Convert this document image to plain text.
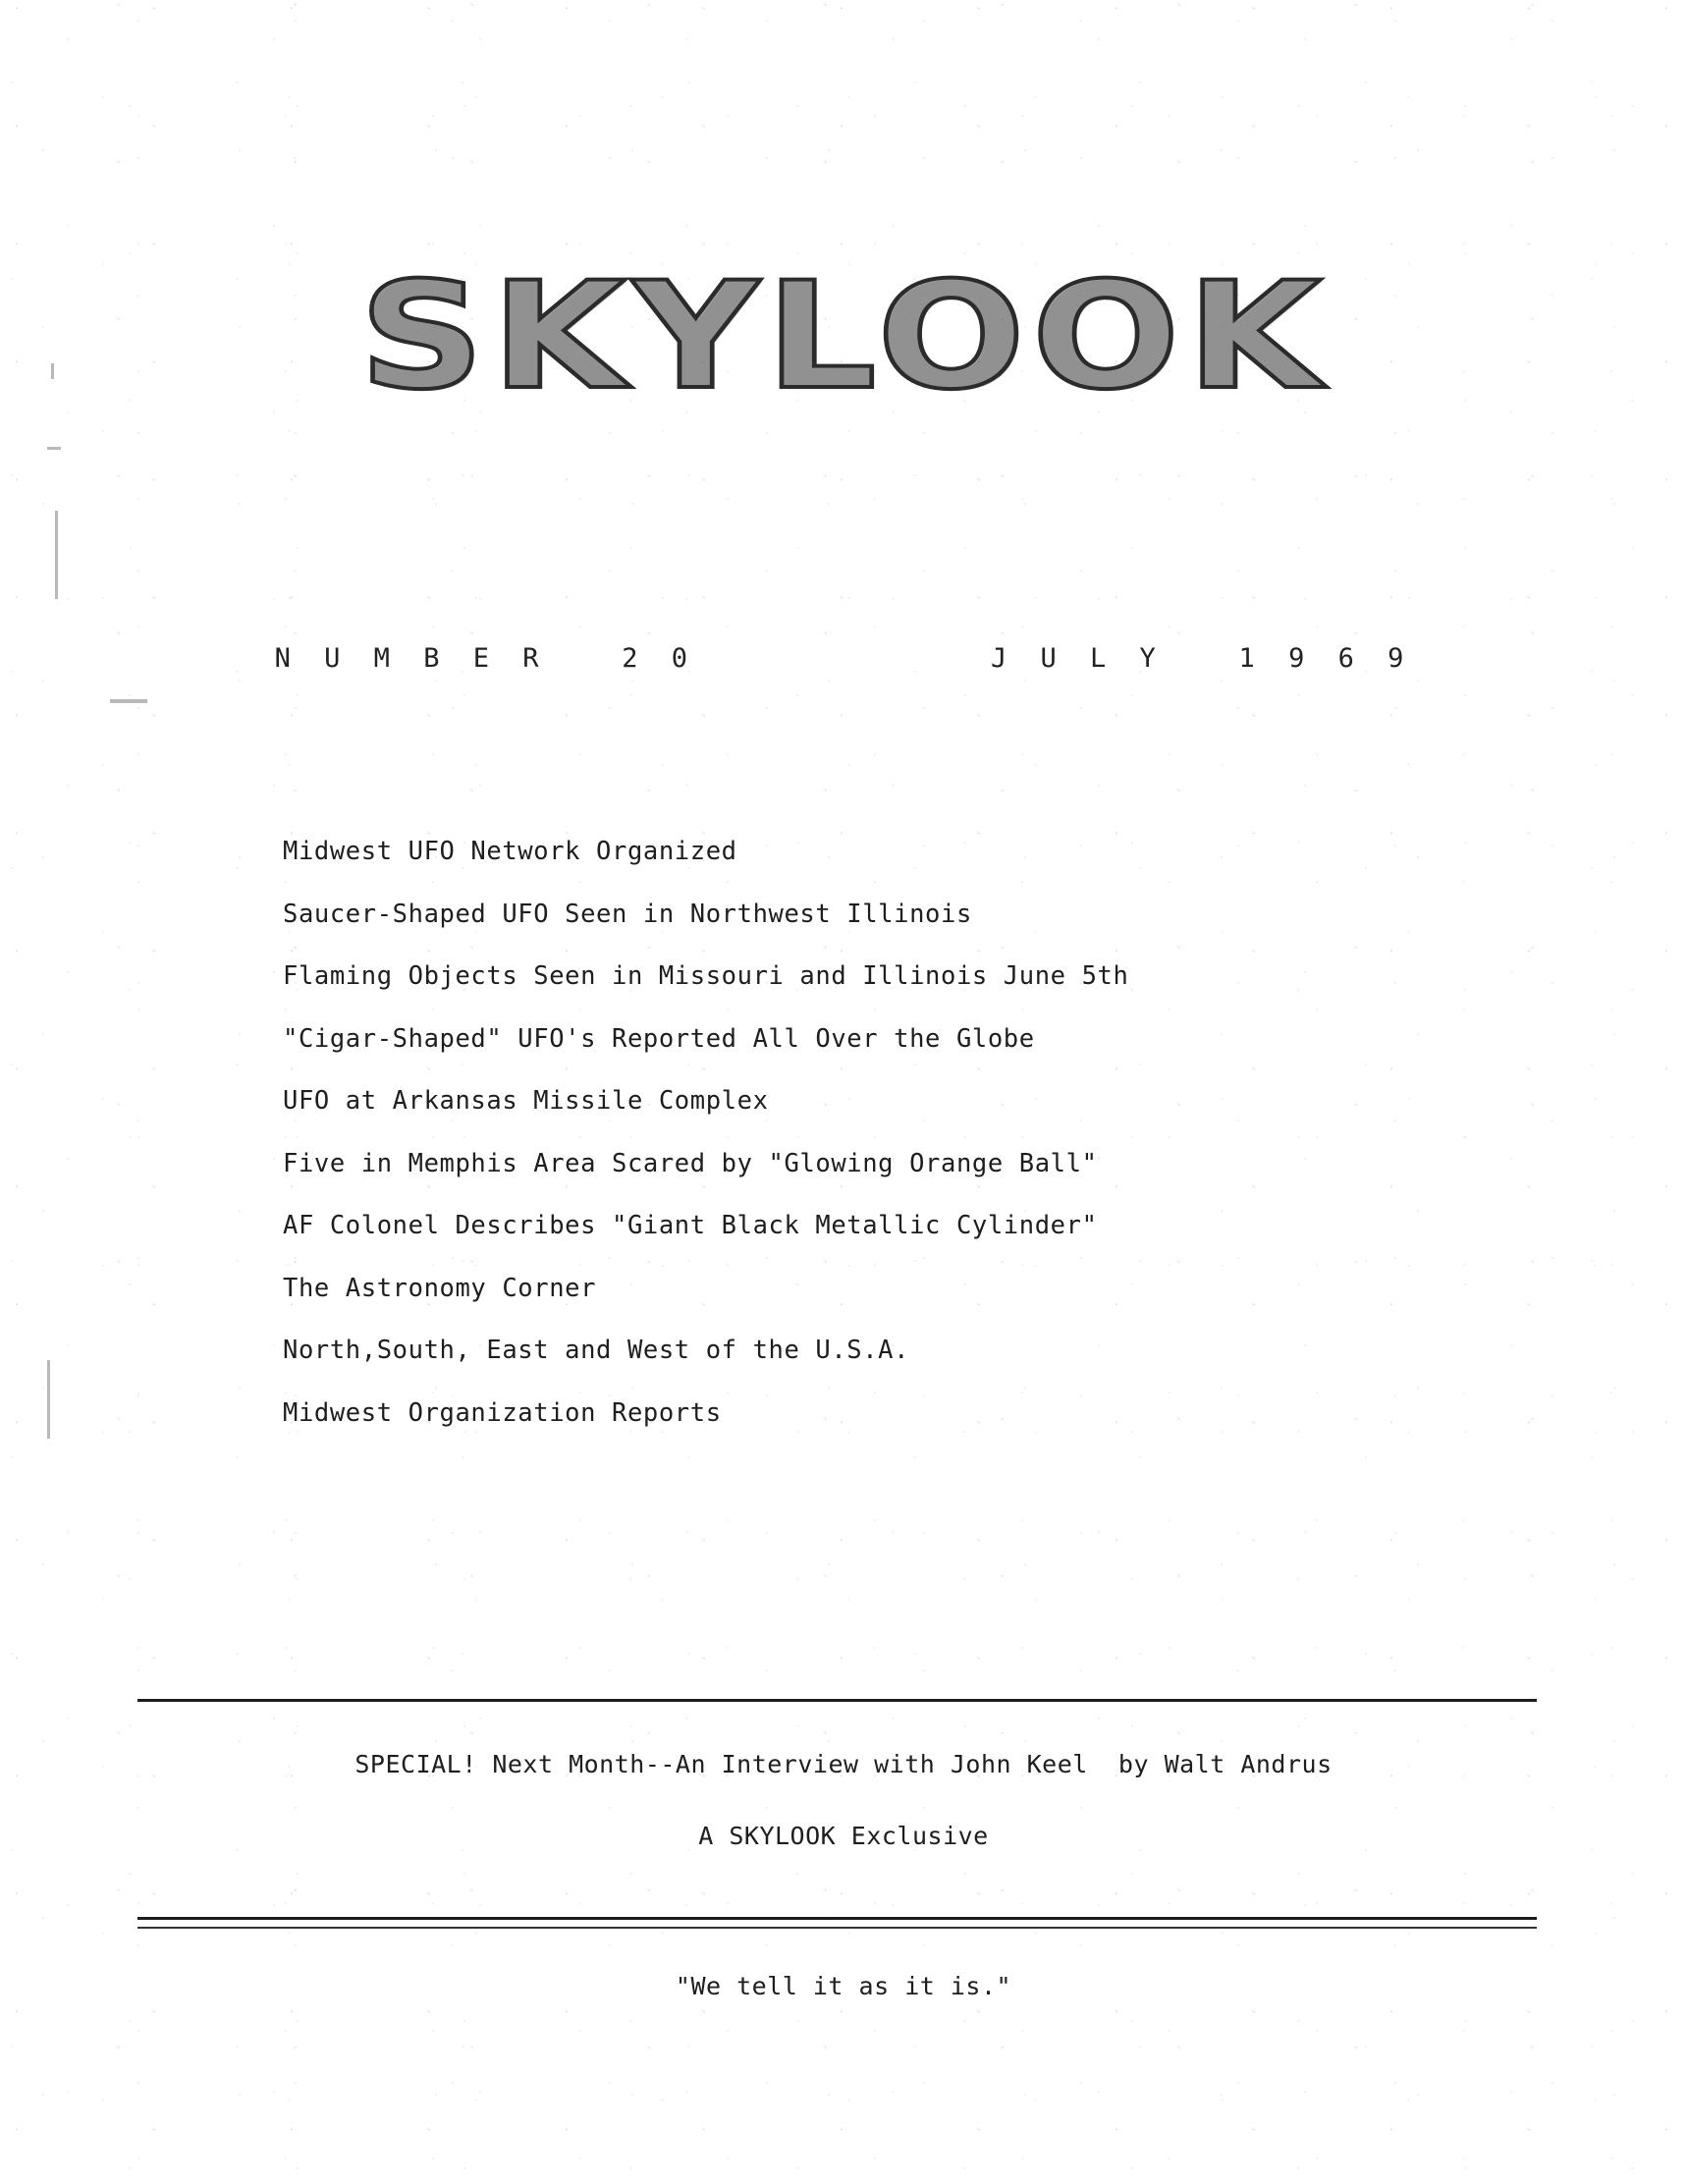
SKYLOOK
N U M B E R   2 0	J U L Y   1 9 6 9
Midwest UFO Network Organized
Saucer-Shaped UFO Seen in Northwest Illinois
Flaming Objects Seen in Missouri and Illinois June 5th
"Cigar-Shaped" UFO's Reported All Over the Globe
UFO at Arkansas Missile Complex
Five in Memphis Area Scared by "Glowing Orange Ball"
AF Colonel Describes "Giant Black Metallic Cylinder"
The Astronomy Corner
North,South, East and West of the U.S.A.
Midwest Organization Reports
SPECIAL! Next Month--An Interview with John Keel  by Walt Andrus
A SKYLOOK Exclusive
"We tell it as it is."
